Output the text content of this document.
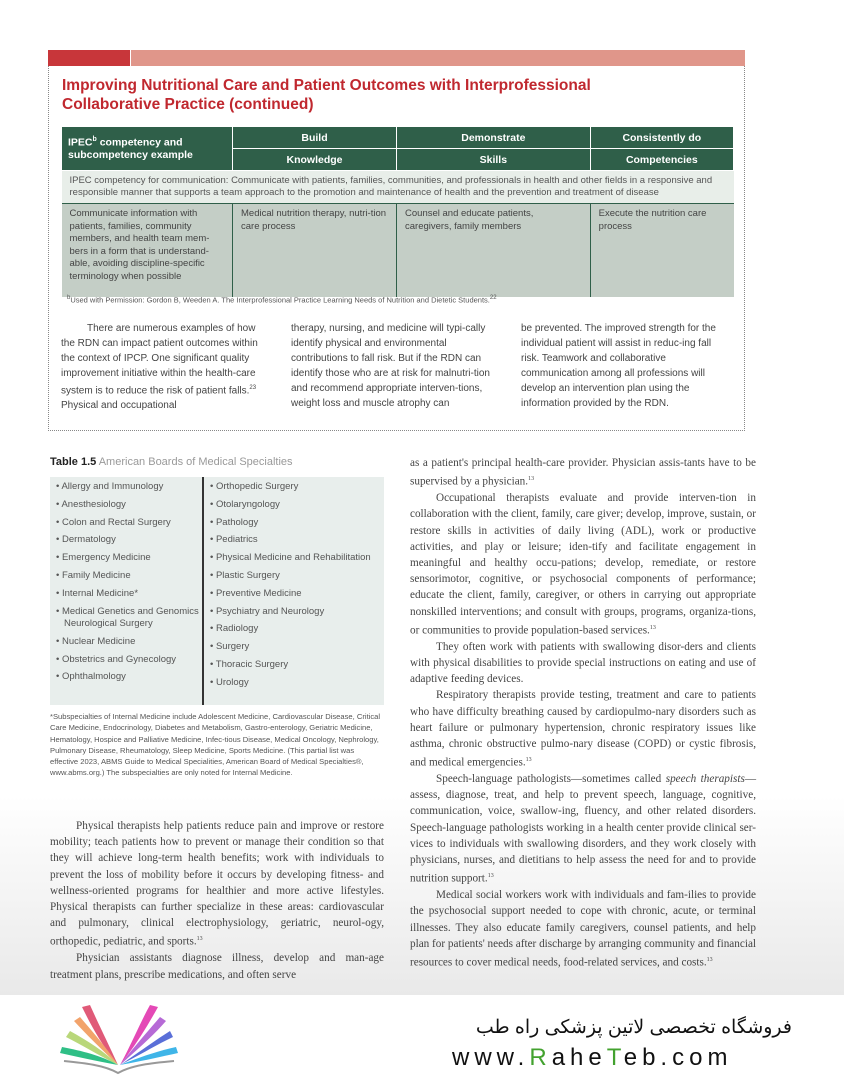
Improving Nutritional Care and Patient Outcomes with Interprofessional
Collaborative Practice (continued)
IPEC$^b$ competency and subcompetency example	Build	Demonstrate	Consistently do
	Knowledge	Skills	Competencies
IPEC competency for communication: Communicate with patients, families, communities, and professionals in health and other fields in a responsive and responsible manner that supports a team approach to the promotion and maintenance of health and the prevention and treatment of disease			
Communicate information with patients, families, community members, and health team mem-bers in a form that is understand-able, avoiding discipline-specific terminology when possible	Medical nutrition therapy, nutri-tion care process	Counsel and educate patients, caregivers, family members	Execute the nutrition care process
$^b$Used with Permission: Gordon B, Weeden A. The Interprofessional Practice Learning Needs of Nutrition and Dietetic Students.$^{22}$
There are numerous examples of how the RDN can impact patient outcomes within the context of IPCP. One significant quality improvement initiative within the health-care system is to reduce the risk of patient falls.$^{23}$ Physical and occupational
therapy, nursing, and medicine will typi-cally identify physical and environmental contributions to fall risk. But if the RDN can identify those who are at risk for malnutri-tion and recommend appropriate interven-tions, weight loss and muscle atrophy can
be prevented. The improved strength for the individual patient will assist in reduc-ing fall risk. Teamwork and collaborative communication among all professions will develop an intervention plan using the information provided by the RDN.
Table 1.5 American Boards of Medical Specialties
• Allergy and Immunology
• Anesthesiology
• Colon and Rectal Surgery
• Dermatology
• Emergency Medicine
• Family Medicine
• Internal Medicine*
• Medical Genetics and Genomics Neurological Surgery
• Nuclear Medicine
• Obstetrics and Gynecology
• Ophthalmology
• Orthopedic Surgery
• Otolaryngology
• Pathology
• Pediatrics
• Physical Medicine and Rehabilitation
• Plastic Surgery
• Preventive Medicine
• Psychiatry and Neurology
• Radiology
• Surgery
• Thoracic Surgery
• Urology
*Subspecialties of Internal Medicine include Adolescent Medicine, Cardiovascular Disease, Critical Care Medicine, Endocrinology, Diabetes and Metabolism, Gastro-enterology, Geriatric Medicine, Hematology, Hospice and Palliative Medicine, Infec-tious Disease, Medical Oncology, Nephrology, Pulmonary Disease, Rheumatology, Sleep Medicine, Sports Medicine. (This partial list was effective 2023, ABMS Guide to Medical Specialities, American Board of Medical Specialties®, www.abms.org.) The subspecialties are only noted for Internal Medicine.

Physical therapists help patients reduce pain and improve or restore mobility; teach patients how to prevent or manage their condition so that they will achieve long-term health benefits; work with individuals to prevent the loss of mobility before it occurs by developing fitness- and wellness-oriented programs for healthier and more active lifestyles. Physical therapists can further specialize in these areas: cardiovascular and pulmonary, clinical electrophysiology, geriatric, neurol-ogy, orthopedic, pediatric, and sports.$^{13}$

Physician assistants diagnose illness, develop and man-age treatment plans, prescribe medications, and often serve

as a patient's principal health-care provider. Physician assis-tants have to be supervised by a physician.$^{13}$

Occupational therapists evaluate and provide interven-tion in collaboration with the client, family, care giver; develop, improve, sustain, or restore skills in activities of daily living (ADL), work or productive activities, and play or leisure; iden-tify and facilitate engagement in meaningful and healthy occu-pations; develop, remediate, or restore sensorimotor, cognitive, or psychosocial components of performance; educate the client, family, caregiver, or others in carrying out appropriate nonskilled interventions; and consult with groups, programs, organiza-tions, or communities to provide population-based services.$^{13}$

They often work with patients with swallowing disor-ders and clients with physical disabilities to provide special instructions on eating and use of adaptive feeding devices.

Respiratory therapists provide testing, treatment and care to patients who have difficulty breathing caused by cardiopulmo-nary disorders such as heart failure or pulmonary hypertension, chronic respiratory issues like asthma, chronic obstructive pulmo-nary disease (COPD) or cystic fibrosis, and medical emergencies.$^{13}$

Speech-language pathologists—sometimes called speech therapists—assess, diagnose, treat, and help to prevent speech, language, cognitive, communication, voice, swallow-ing, fluency, and other related disorders. Speech-language pathologists working in a health center provide clinical ser-vices to individuals with swallowing disorders, and they work closely with physicians, nurses, and dietitians to help assess the need for and to provide nutrition support.$^{13}$

Medical social workers work with individuals and fam-ilies to provide the psychosocial support needed to cope with chronic, acute, or terminal illnesses. They also educate family caregivers, counsel patients, and help plan for patients' needs after discharge by arranging community and financial resources to cover medical needs, food-related services, and costs.$^{13}$

فروشگاه تخصصی لاتین پزشکی راه طب
www.RaheTeb.com
